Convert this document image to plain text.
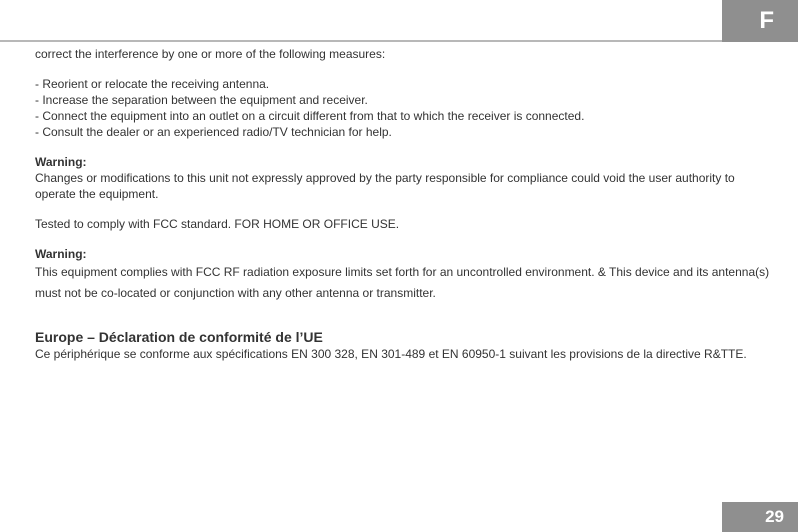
F

correct the interference by one or more of the following measures:

- Reorient or relocate the receiving antenna.

- Increase the separation between the equipment and receiver.

- Connect the equipment into an outlet on a circuit different from that to which the receiver is connected.

- Consult the dealer or an experienced radio/TV technician for help.

Warning:

Changes or modifications to this unit not expressly approved by the party responsible for compliance could void the user authority to operate the equipment.

Tested to comply with FCC standard. FOR HOME OR OFFICE USE.

Warning:

This equipment complies with FCC RF radiation exposure limits set forth for an uncontrolled environment. & This device and its antenna(s) must not be co-located or conjunction with any other antenna or transmitter.

Europe – Déclaration de conformité de l’UE

Ce périphérique se conforme aux spécifications EN 300 328, EN 301-489 et EN 60950-1 suivant les provisions de la directive R&TTE.

29
